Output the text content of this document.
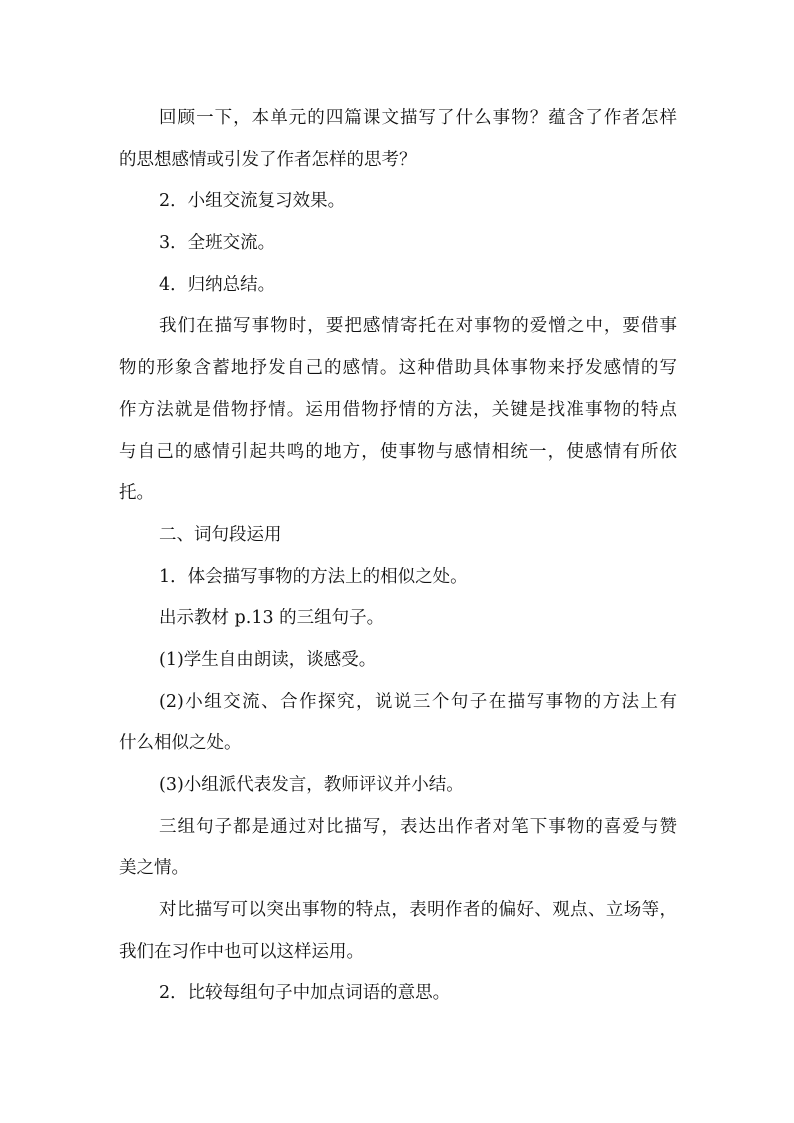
回顾一下，本单元的四篇课文描写了什么事物？蕴含了作者怎样
的思想感情或引发了作者怎样的思考？
2．小组交流复习效果。
3．全班交流。
4．归纳总结。
我们在描写事物时，要把感情寄托在对事物的爱憎之中，要借事
物的形象含蓄地抒发自己的感情。这种借助具体事物来抒发感情的写
作方法就是借物抒情。运用借物抒情的方法，关键是找准事物的特点
与自己的感情引起共鸣的地方，使事物与感情相统一，使感情有所依
托。
二、词句段运用
1．体会描写事物的方法上的相似之处。
出示教材 p.13 的三组句子。
(1)学生自由朗读，谈感受。
(2)小组交流、合作探究，说说三个句子在描写事物的方法上有
什么相似之处。
(3)小组派代表发言，教师评议并小结。
三组句子都是通过对比描写，表达出作者对笔下事物的喜爱与赞
美之情。
对比描写可以突出事物的特点，表明作者的偏好、观点、立场等，
我们在习作中也可以这样运用。
2．比较每组句子中加点词语的意思。
